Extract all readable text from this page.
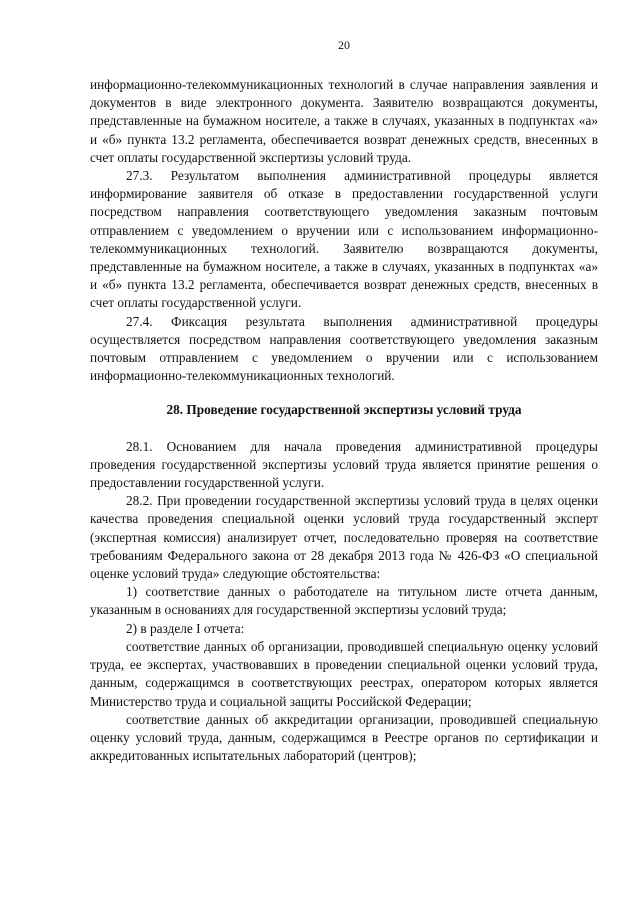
20

информационно-телекоммуникационных технологий в случае направления заявления и документов в виде электронного документа. Заявителю возвращаются документы, представленные на бумажном носителе, а также в случаях, указанных в подпунктах «а» и «б» пункта 13.2 регламента, обеспечивается возврат денежных средств, внесенных в счет оплаты государственной экспертизы условий труда.

27.3. Результатом выполнения административной процедуры является информирование заявителя об отказе в предоставлении государственной услуги посредством направления соответствующего уведомления заказным почтовым отправлением с уведомлением о вручении или с использованием информационно-телекоммуникационных технологий. Заявителю возвращаются документы, представленные на бумажном носителе, а также в случаях, указанных в подпунктах «а» и «б» пункта 13.2 регламента, обеспечивается возврат денежных средств, внесенных в счет оплаты государственной услуги.

27.4. Фиксация результата выполнения административной процедуры осуществляется посредством направления соответствующего уведомления заказным почтовым отправлением с уведомлением о вручении или с использованием информационно-телекоммуникационных технологий.

28. Проведение государственной экспертизы условий труда

28.1. Основанием для начала проведения административной процедуры проведения государственной экспертизы условий труда является принятие решения о предоставлении государственной услуги.

28.2. При проведении государственной экспертизы условий труда в целях оценки качества проведения специальной оценки условий труда государственный эксперт (экспертная комиссия) анализирует отчет, последовательно проверяя на соответствие требованиям Федерального закона от 28 декабря 2013 года № 426-ФЗ «О специальной оценке условий труда» следующие обстоятельства:

1) соответствие данных о работодателе на титульном листе отчета данным, указанным в основаниях для государственной экспертизы условий труда;

2) в разделе I отчета:

соответствие данных об организации, проводившей специальную оценку условий труда, ее экспертах, участвовавших в проведении специальной оценки условий труда, данным, содержащимся в соответствующих реестрах, оператором которых является Министерство труда и социальной защиты Российской Федерации;

соответствие данных об аккредитации организации, проводившей специальную оценку условий труда, данным, содержащимся в Реестре органов по сертификации и аккредитованных испытательных лабораторий (центров);
